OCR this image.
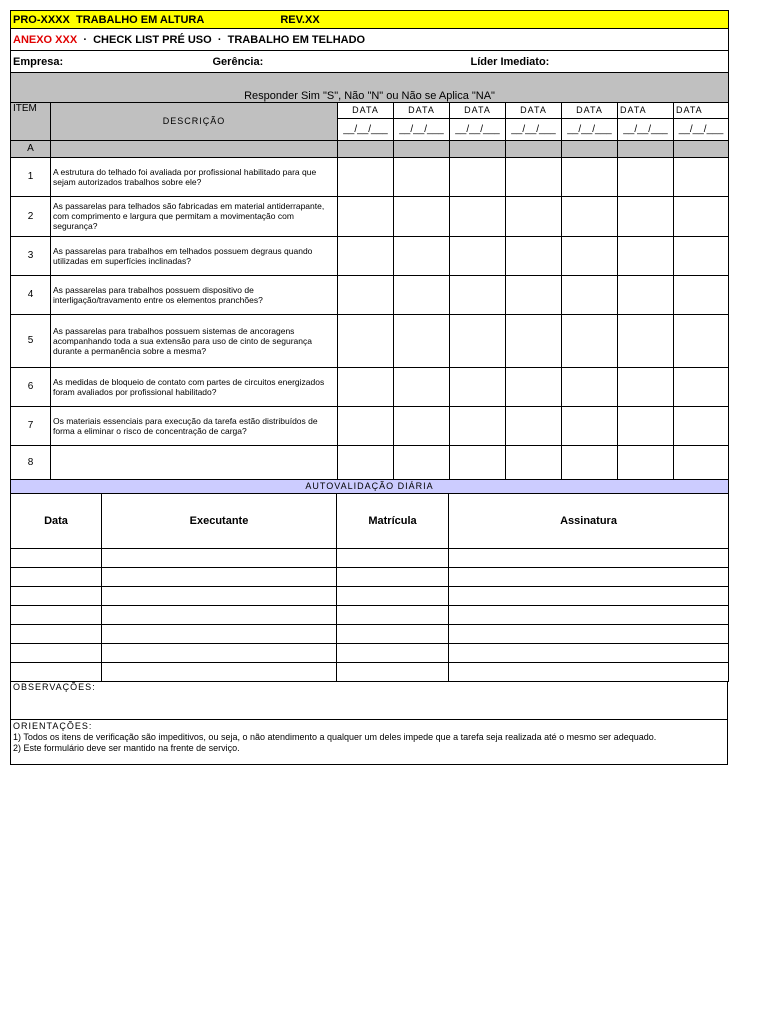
PRO-XXXX TRABALHO EM ALTURA	REV.XX
ANEXO XXX · CHECK LIST PRÉ USO · TRABALHO EM TELHADO
Empresa:	Gerência:	Líder Imediato:
Responder Sim "S", Não "N" ou Não se Aplica "NA"								
ITEM	DESCRIÇÃO	DATA	DATA	DATA	DATA	DATA	DATA	DATA
		__/__/___	__/__/___	__/__/___	__/__/___	__/__/___	__/__/___	__/__/___
A								
1	A estrutura do telhado foi avaliada por profissional habilitado para que sejam autorizados trabalhos sobre ele?							
2	As passarelas para telhados são fabricadas em material antiderrapante, com comprimento e largura que permitam a movimentação com segurança?							
3	As passarelas para trabalhos em telhados possuem degraus quando utilizadas em superfícies inclinadas?							
4	As passarelas para trabalhos possuem dispositivo de interligação/travamento entre os elementos pranchões?							
5	As passarelas para trabalhos possuem sistemas de ancoragens acompanhando toda a sua extensão para uso de cinto de segurança durante a permanência sobre a mesma?							
6	As medidas de bloqueio de contato com partes de circuitos energizados foram avaliados por profissional habilitado?							
7	Os materiais essenciais para execução da tarefa estão distribuídos de forma a eliminar o risco de concentração de carga?							
8								
AUTOVALIDAÇÃO DIÁRIA			
Data	Executante	Matrícula	Assinatura

OBSERVAÇÕES:

ORIENTAÇÕES:
1) Todos os itens de verificação são impeditivos, ou seja, o não atendimento a qualquer um deles impede que a tarefa seja realizada até o mesmo ser adequado.
2) Este formulário deve ser mantido na frente de serviço.
